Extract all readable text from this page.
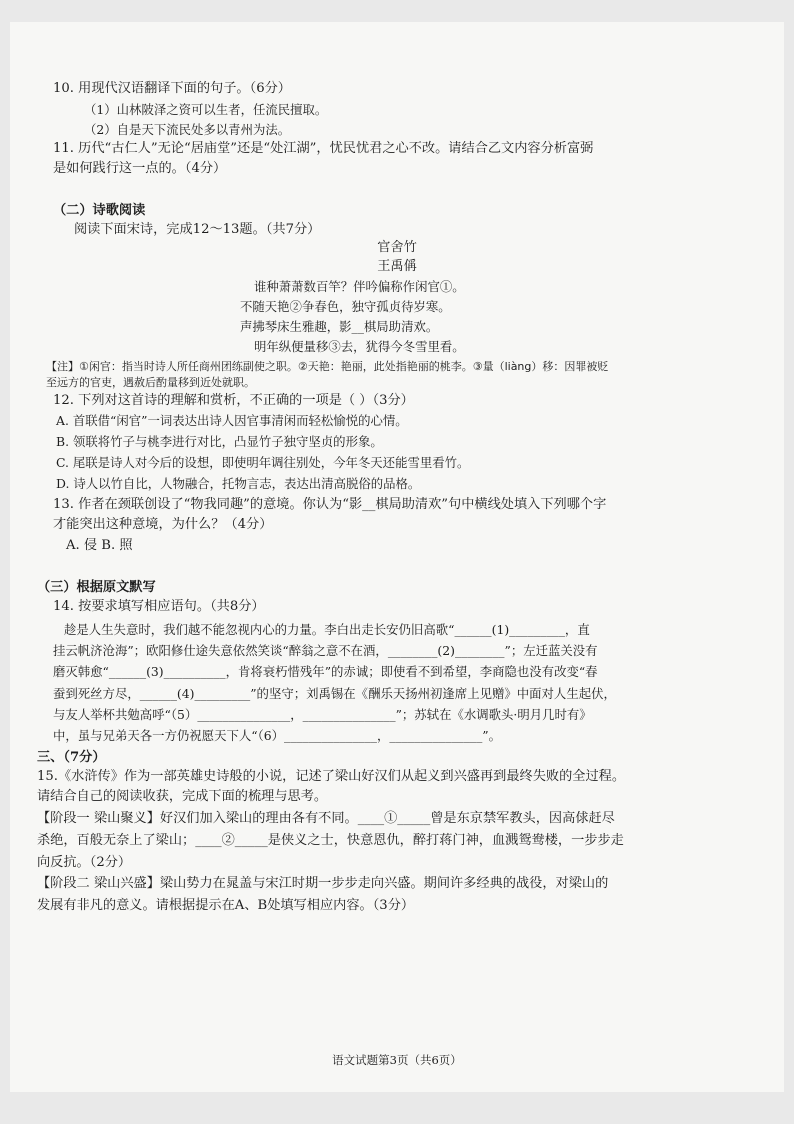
10. 用现代汉语翻译下面的句子。（6分）
（1）山林陂泽之资可以生者，任流民擅取。
（2）自是天下流民处多以青州为法。
11. 历代“古仁人”无论“居庙堂”还是“处江湖”，忧民忧君之心不改。请结合乙文内容分析富弼
是如何践行这一点的。（4分）
（二）诗歌阅读
阅读下面宋诗，完成12～13题。（共7分）
官舍竹
王禹偁
谁种萧萧数百竿？伴吟偏称作闲官①。
不随天艳②争春色，独守孤贞待岁寒。
声拂琴床生雅趣，影__棋局助清欢。
明年纵便量移③去，犹得今冬雪里看。
【注】①闲官：指当时诗人所任商州团练副使之职。②天艳：艳丽，此处指艳丽的桃李。③量（liàng）移：因罪被贬
至远方的官吏，遇赦后酌量移到近处就职。
12. 下列对这首诗的理解和赏析，不正确的一项是（ ）（3分）
A. 首联借“闲官”一词表达出诗人因官事清闲而轻松愉悦的心情。
B. 领联将竹子与桃李进行对比，凸显竹子独守坚贞的形象。
C. 尾联是诗人对今后的设想，即使明年调往别处，今年冬天还能雪里看竹。
D. 诗人以竹自比，人物融合，托物言志，表达出清高脱俗的品格。
13. 作者在颈联创设了“物我同趣”的意境。你认为“影__棋局助清欢”句中横线处填入下列哪个字
才能突出这种意境，为什么？（4分）
A. 侵 B. 照
（三）根据原文默写
14. 按要求填写相应语句。（共8分）
趁是人生失意时，我们越不能忽视内心的力量。李白出走长安仍旧高歌“______(1)_________，直
挂云帆济沧海”；欧阳修仕途失意依然笑谈“醉翁之意不在酒，________(2)________”；左迁蓝关没有
磨灭韩愈“______(3)__________，肯将衰朽惜残年”的赤诚；即使看不到希望，李商隐也没有改变“春
蚕到死丝方尽，______(4)_________”的坚守；刘禹锡在《酬乐天扬州初逢席上见赠》中面对人生起伏，
与友人举杯共勉高呼“（5）_______________，_______________”；苏轼在《水调歌头·明月几时有》
中，虽与兄弟天各一方仍祝愿天下人“（6）_______________，_______________”。
三、（7分）
15.《水浒传》作为一部英雄史诗般的小说，记述了梁山好汉们从起义到兴盛再到最终失败的全过程。
请结合自己的阅读收获，完成下面的梳理与思考。
【阶段一 梁山聚义】好汉们加入梁山的理由各有不同。____①_____曾是东京禁军教头，因高俅赶尽
杀绝，百般无奈上了梁山；____②_____是侠义之士，快意恩仇，醉打蒋门神，血溅鸳鸯楼，一步步走
向反抗。（2分）
【阶段二 梁山兴盛】梁山势力在晁盖与宋江时期一步步走向兴盛。期间许多经典的战役，对梁山的
发展有非凡的意义。请根据提示在A、B处填写相应内容。（3分）
语文试题第3页（共6页）
